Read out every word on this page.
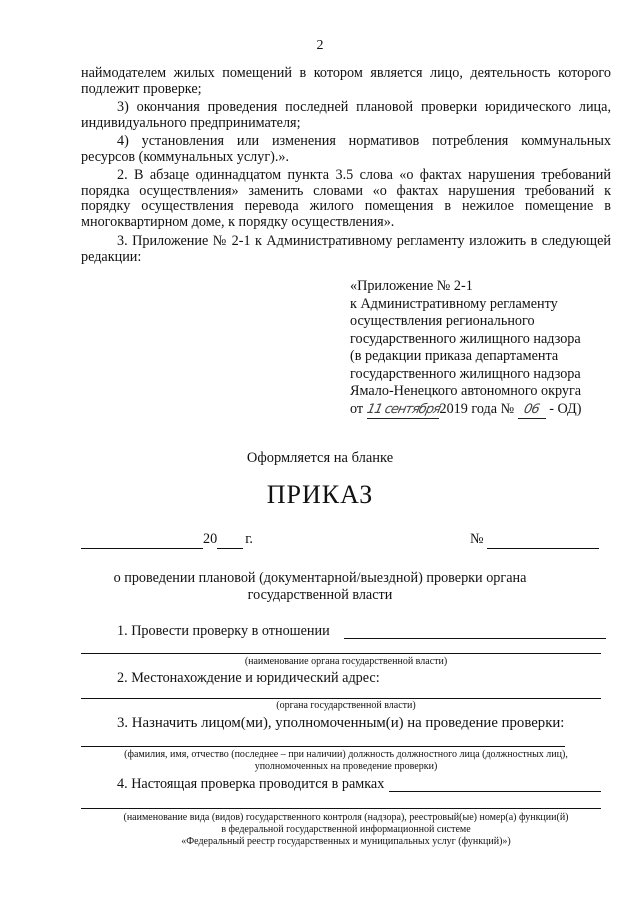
2
наймодателем жилых помещений в котором является лицо, деятельность которого подлежит проверке;
3) окончания проведения последней плановой проверки юридического лица, индивидуального предпринимателя;
4) установления или изменения нормативов потребления коммунальных ресурсов (коммунальных услуг).».
2. В абзаце одиннадцатом пункта 3.5 слова «о фактах нарушения требований порядка осуществления» заменить словами «о фактах нарушения требований к порядку осуществления перевода жилого помещения в нежилое помещение в многоквартирном доме, к порядку осуществления».
3. Приложение № 2-1 к Административному регламенту изложить в следующей редакции:
«Приложение № 2-1
к Административному регламенту
осуществления регионального
государственного жилищного надзора
(в редакции приказа департамента
государственного жилищного надзора
Ямало-Ненецкого автономного округа
от 11 сентября2019 года № 06 - ОД)
Оформляется на бланке
ПРИКАЗ
20 г.	№
о проведении плановой (документарной/выездной) проверки органа
государственной власти
1. Провести проверку в отношении
(наименование органа государственной власти)
2. Местонахождение и юридический адрес:
(органа государственной власти)
3. Назначить лицом(ми), уполномоченным(и) на проведение проверки:
(фамилия, имя, отчество (последнее – при наличии) должность должностного лица (должностных лиц),
уполномоченных на проведение проверки)
4. Настоящая проверка проводится в рамках
(наименование вида (видов) государственного контроля (надзора), реестровый(ые) номер(а) функции(й)
в федеральной государственной информационной системе
«Федеральный реестр государственных и муниципальных услуг (функций)»)
